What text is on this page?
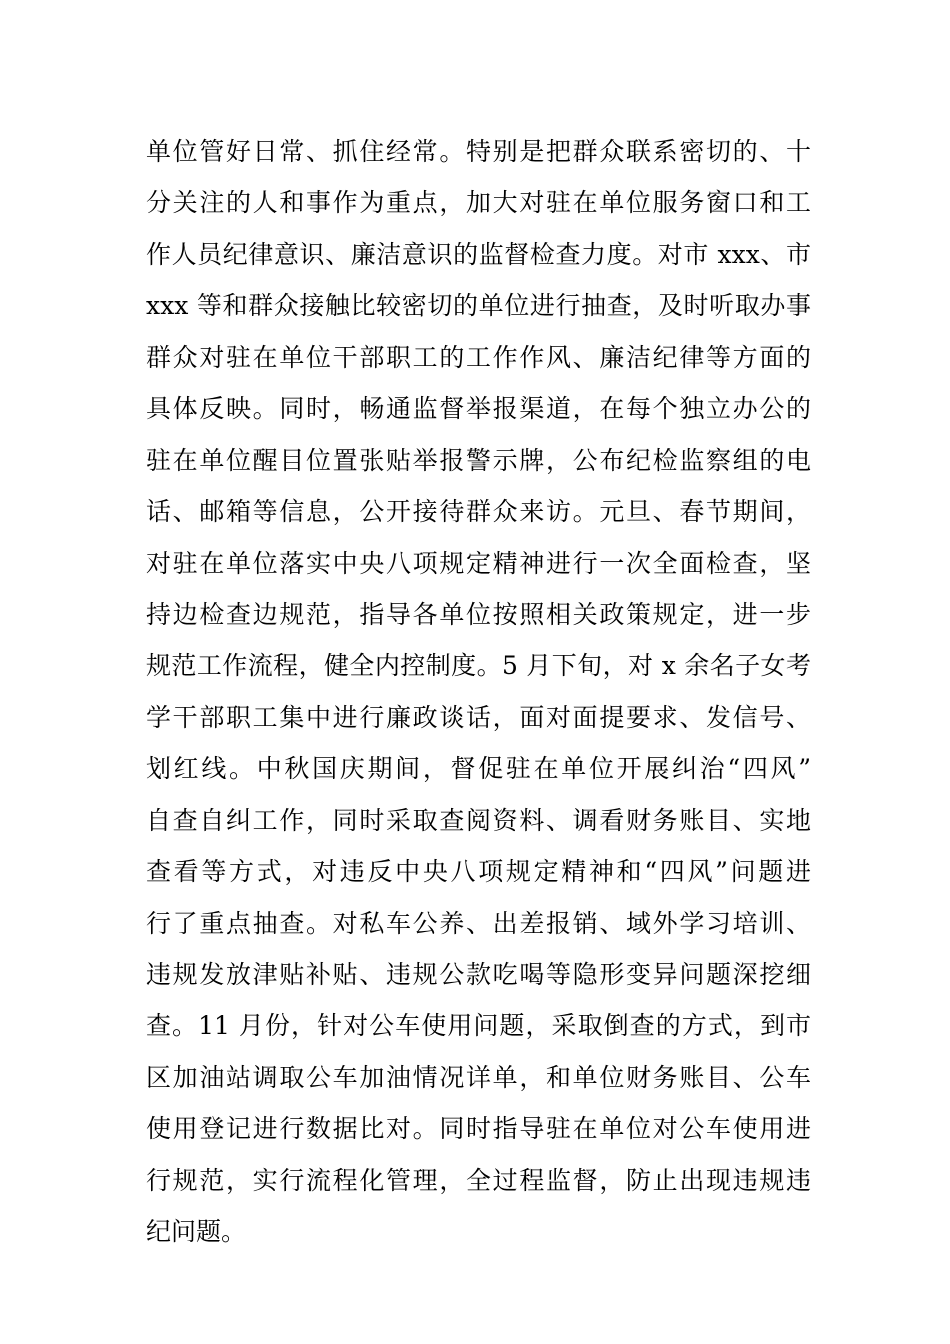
单位管好日常、抓住经常。特别是把群众联系密切的、十
分关注的人和事作为重点，加大对驻在单位服务窗口和工
作人员纪律意识、廉洁意识的监督检查力度。对市 xxx、市
xxx 等和群众接触比较密切的单位进行抽查，及时听取办事
群众对驻在单位干部职工的工作作风、廉洁纪律等方面的
具体反映。同时，畅通监督举报渠道，在每个独立办公的
驻在单位醒目位置张贴举报警示牌，公布纪检监察组的电
话、邮箱等信息，公开接待群众来访。元旦、春节期间，
对驻在单位落实中央八项规定精神进行一次全面检查，坚
持边检查边规范，指导各单位按照相关政策规定，进一步
规范工作流程，健全内控制度。5 月下旬，对 x 余名子女考
学干部职工集中进行廉政谈话，面对面提要求、发信号、
划红线。中秋国庆期间，督促驻在单位开展纠治“四风”
自查自纠工作，同时采取查阅资料、调看财务账目、实地
查看等方式，对违反中央八项规定精神和“四风”问题进
行了重点抽查。对私车公养、出差报销、域外学习培训、
违规发放津贴补贴、违规公款吃喝等隐形变异问题深挖细
查。11 月份，针对公车使用问题，采取倒查的方式，到市
区加油站调取公车加油情况详单，和单位财务账目、公车
使用登记进行数据比对。同时指导驻在单位对公车使用进
行规范，实行流程化管理，全过程监督，防止出现违规违
纪问题。
